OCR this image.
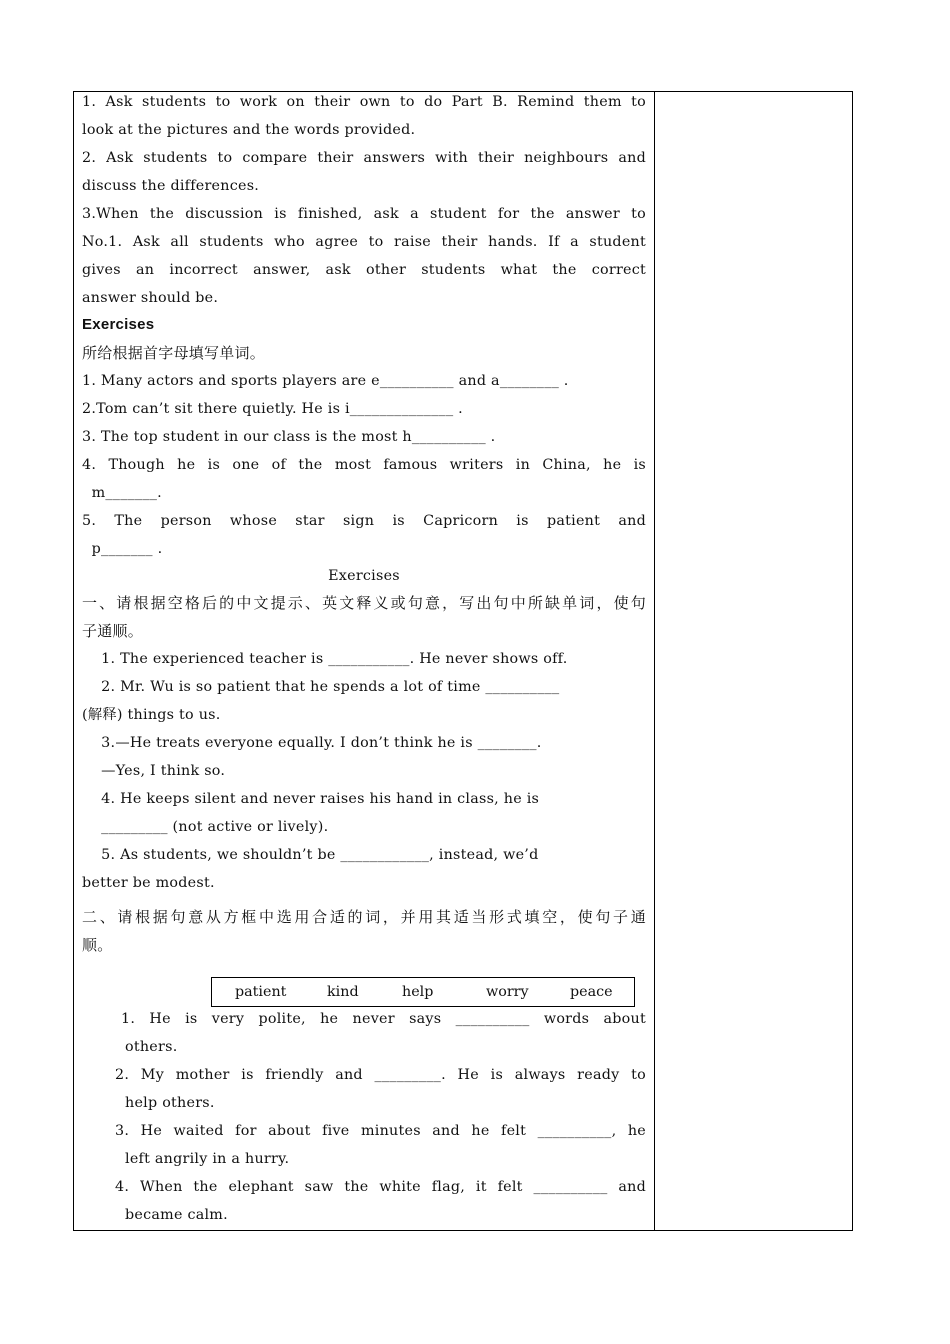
1. Ask students to work on their own to do Part B. Remind them to
look at the pictures and the words provided.
2. Ask students to compare their answers with their neighbours and
discuss the differences.
3.When the discussion is finished, ask a student for the answer to
No.1. Ask all students who agree to raise their hands. If a student
gives an incorrect answer, ask other students what the correct
answer should be.
Exercises
所给根据首字母填写单词。
1. Many actors and sports players are e__________ and a________ .
2.Tom can’t sit there quietly. He is i______________ .
3. The top student in our class is the most h__________ .
4. Though he is one of the most famous writers in China, he is
m_______.
5. The person whose star sign is Capricorn is patient and
p_______ .
Exercises
一、请根据空格后的中文提示、英文释义或句意，写出句中所缺单词，使句
子通顺。
1. The experienced teacher is ___________. He never shows off.
2. Mr. Wu is so patient that he spends a lot of time __________
(解释) things to us.
3.—He treats everyone equally. I don’t think he is ________.
—Yes, I think so.
4. He keeps silent and never raises his hand in class, he is
_________ (not active or lively).
5. As students, we shouldn’t be ____________, instead, we’d
better be modest.
二、请根据句意从方框中选用合适的词，并用其适当形式填空，使句子通
顺。
patient	kind	help	worry	peace
1. He is very polite, he never says __________ words about
others.
2. My mother is friendly and _________. He is always ready to
help others.
3. He waited for about five minutes and he felt __________, he
left angrily in a hurry.
4. When the elephant saw the white flag, it felt __________ and
became calm.
